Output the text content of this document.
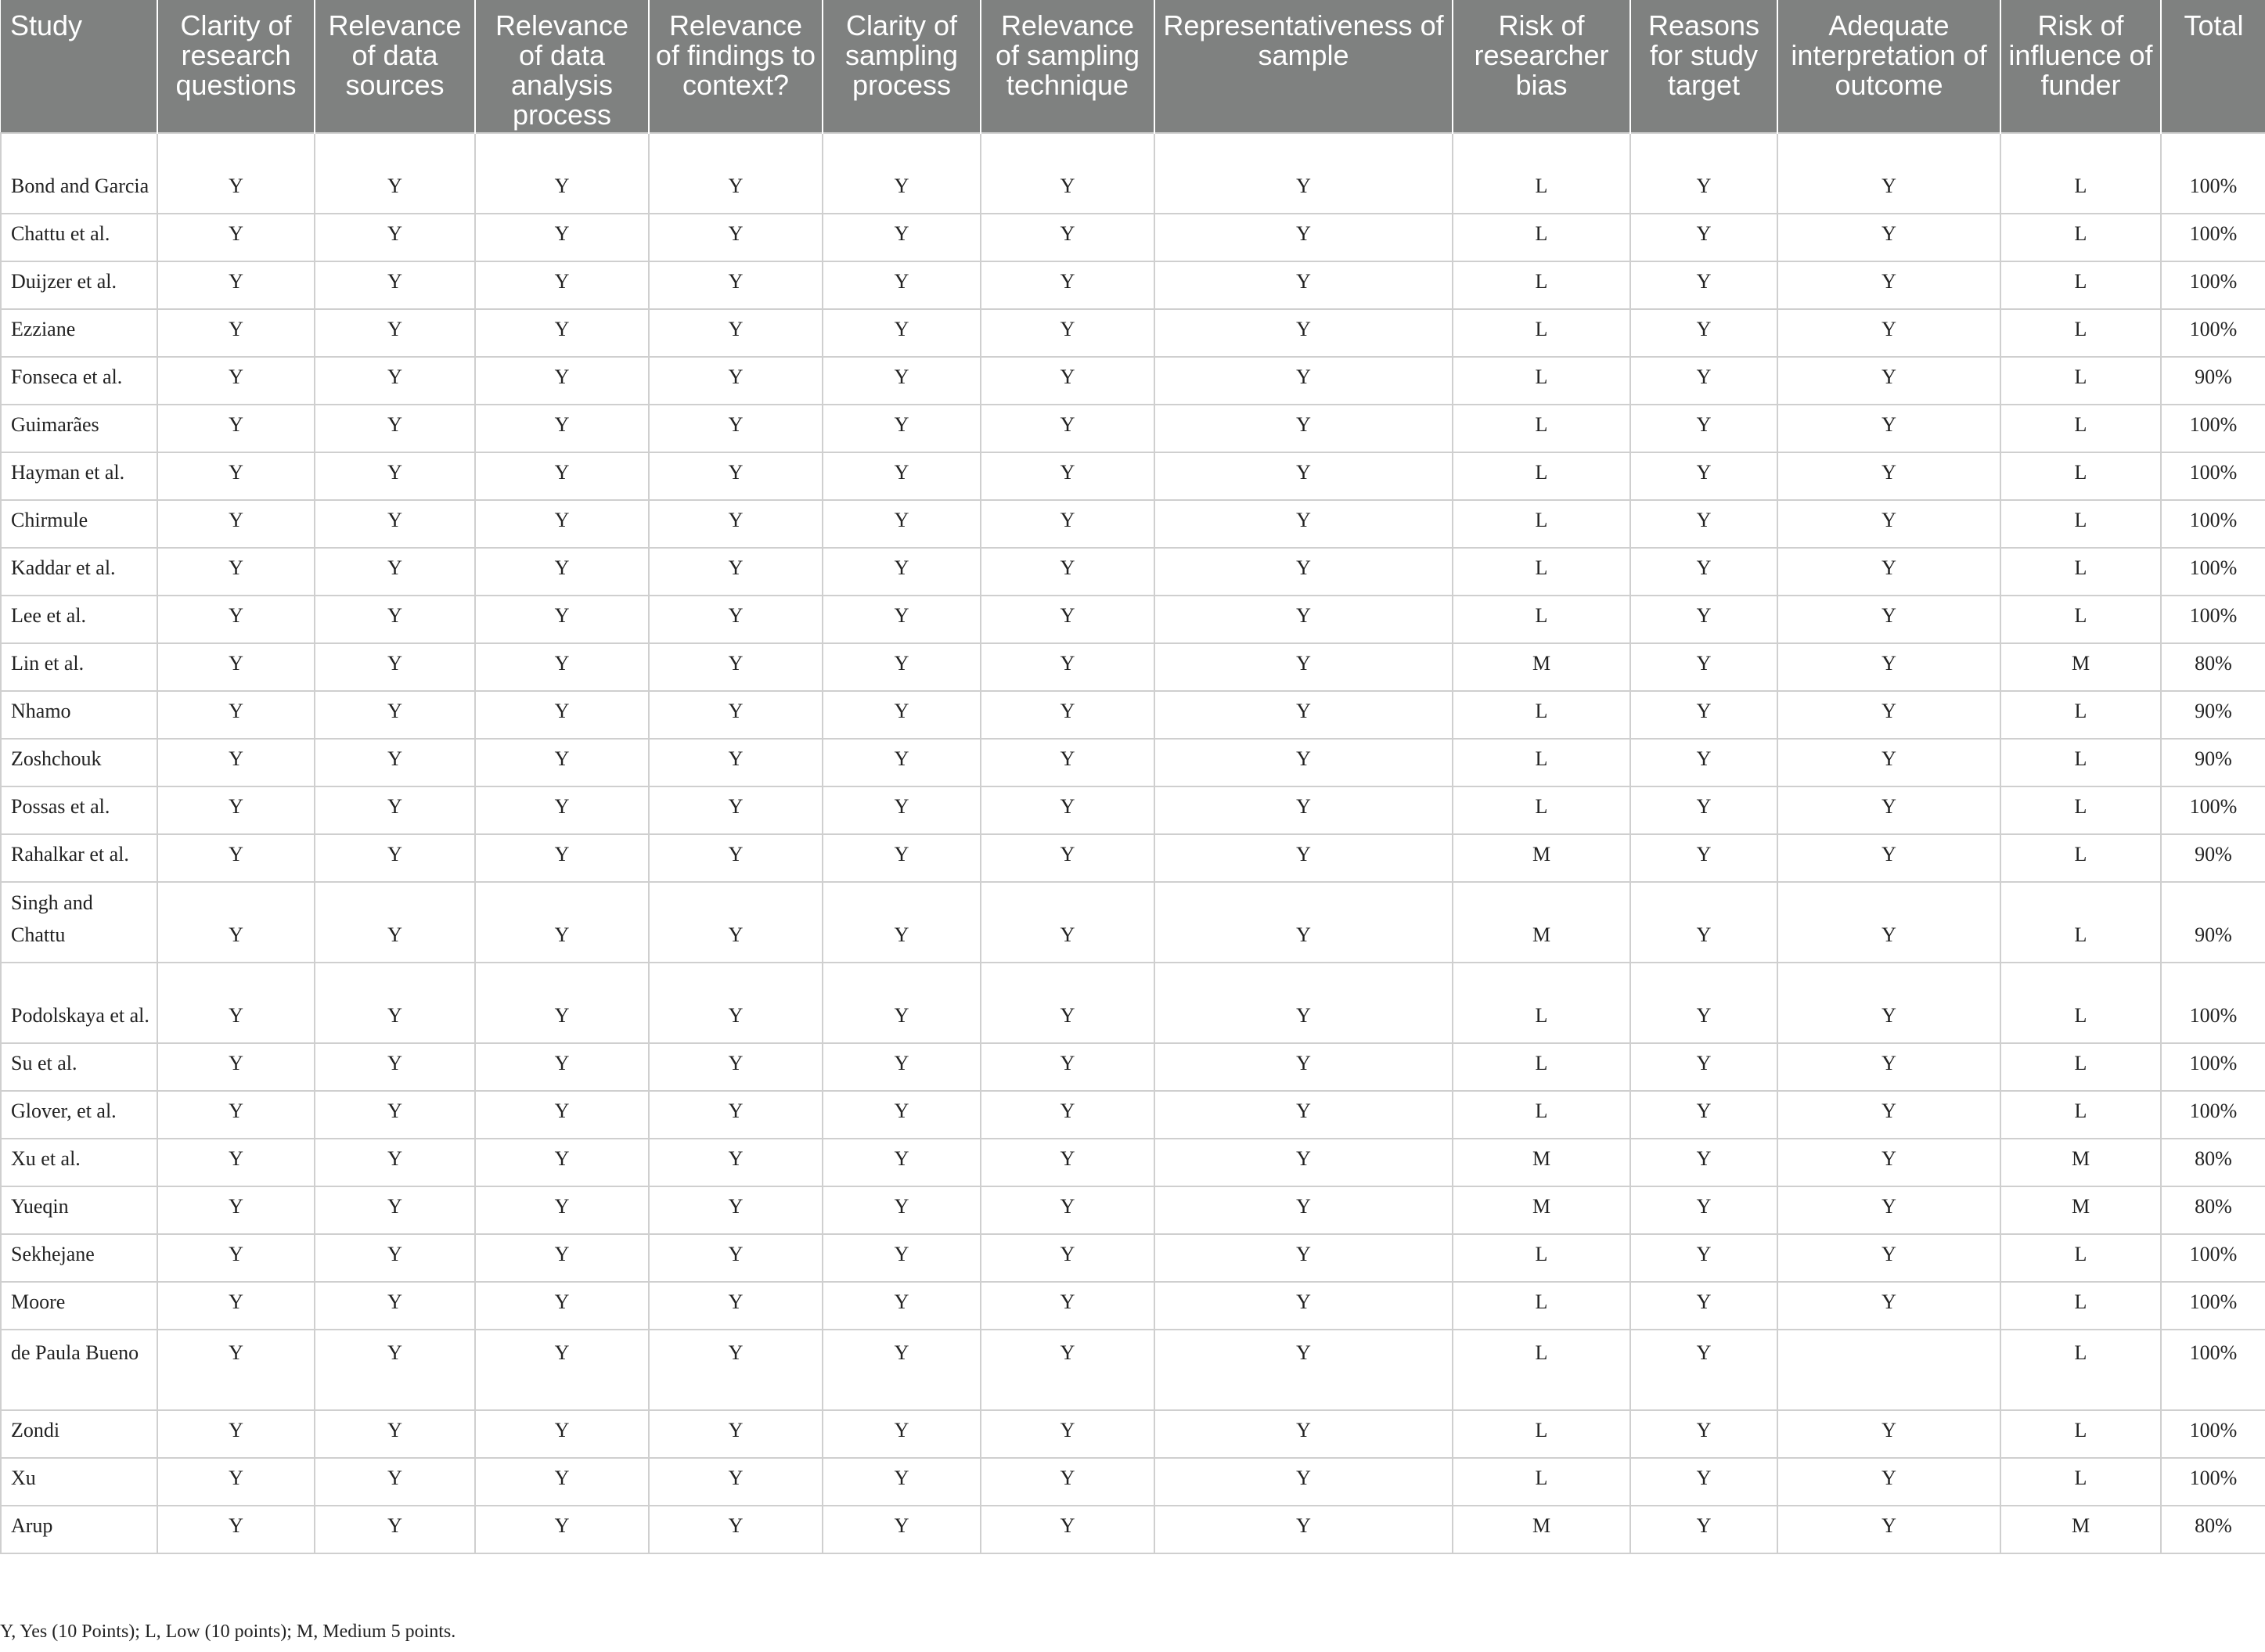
Study	Clarity of research questions	Relevance of data sources	Relevance of data analysis process	Relevance of findings to context?	Clarity of sampling process	Relevance of sampling technique	Representativeness of sample	Risk of researcher bias	Reasons for study target	Adequate interpretation of outcome	Risk of influence of funder	Total
Bond and Garcia	Y	Y	Y	Y	Y	Y	Y	L	Y	Y	L	100%
Chattu et al.	Y	Y	Y	Y	Y	Y	Y	L	Y	Y	L	100%
Duijzer et al.	Y	Y	Y	Y	Y	Y	Y	L	Y	Y	L	100%
Ezziane	Y	Y	Y	Y	Y	Y	Y	L	Y	Y	L	100%
Fonseca et al.	Y	Y	Y	Y	Y	Y	Y	L	Y	Y	L	90%
Guimarães	Y	Y	Y	Y	Y	Y	Y	L	Y	Y	L	100%
Hayman et al.	Y	Y	Y	Y	Y	Y	Y	L	Y	Y	L	100%
Chirmule	Y	Y	Y	Y	Y	Y	Y	L	Y	Y	L	100%
Kaddar et al.	Y	Y	Y	Y	Y	Y	Y	L	Y	Y	L	100%
Lee et al.	Y	Y	Y	Y	Y	Y	Y	L	Y	Y	L	100%
Lin et al.	Y	Y	Y	Y	Y	Y	Y	M	Y	Y	M	80%
Nhamo	Y	Y	Y	Y	Y	Y	Y	L	Y	Y	L	90%
Zoshchouk	Y	Y	Y	Y	Y	Y	Y	L	Y	Y	L	90%
Possas et al.	Y	Y	Y	Y	Y	Y	Y	L	Y	Y	L	100%
Rahalkar et al.	Y	Y	Y	Y	Y	Y	Y	M	Y	Y	L	90%
Singh and Chattu	Y	Y	Y	Y	Y	Y	Y	M	Y	Y	L	90%
Podolskaya et al.	Y	Y	Y	Y	Y	Y	Y	L	Y	Y	L	100%
Su et al.	Y	Y	Y	Y	Y	Y	Y	L	Y	Y	L	100%
Glover, et al.	Y	Y	Y	Y	Y	Y	Y	L	Y	Y	L	100%
Xu et al.	Y	Y	Y	Y	Y	Y	Y	M	Y	Y	M	80%
Yueqin	Y	Y	Y	Y	Y	Y	Y	M	Y	Y	M	80%
Sekhejane	Y	Y	Y	Y	Y	Y	Y	L	Y	Y	L	100%
Moore	Y	Y	Y	Y	Y	Y	Y	L	Y	Y	L	100%
de Paula Bueno	Y	Y	Y	Y	Y	Y	Y	L	Y		L	100%
Zondi	Y	Y	Y	Y	Y	Y	Y	L	Y	Y	L	100%
Xu	Y	Y	Y	Y	Y	Y	Y	L	Y	Y	L	100%
Arup	Y	Y	Y	Y	Y	Y	Y	M	Y	Y	M	80%
Y, Yes (10 Points); L, Low (10 points); M, Medium 5 points.
